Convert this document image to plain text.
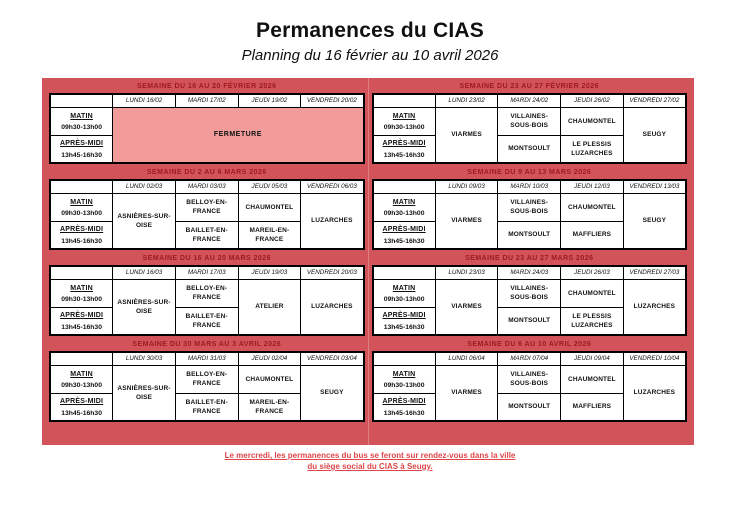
Permanences du CIAS
Planning du 16 février au 10 avril 2026
SEMAINE DU 16 AU 20 FÉVRIER 2026
	LUNDI 16/02	MARDI 17/02	JEUDI 19/02	VENDREDI 20/02
MATIN
09h30-13h00	FERMETURE			
APRÈS-MIDI
13h45-16h30				
SEMAINE DU 2 AU 6 MARS 2026
	LUNDI 02/03	MARDI 03/03	JEUDI 05/03	VENDREDI 06/03
MATIN
09h30-13h00	ASNIÈRES-SUR-OISE	BELLOY-EN-FRANCE	CHAUMONTEL	LUZARCHES
APRÈS-MIDI
13h45-16h30		BAILLET-EN-FRANCE	MAREIL-EN-FRANCE	
SEMAINE DU 16 AU 20 MARS 2026
	LUNDI 16/03	MARDI 17/03	JEUDI 19/03	VENDREDI 20/03
MATIN
09h30-13h00	ASNIÈRES-SUR-OISE	BELLOY-EN-FRANCE	ATELIER	LUZARCHES
APRÈS-MIDI
13h45-16h30		BAILLET-EN-FRANCE		
SEMAINE DU 30 MARS AU 3 AVRIL 2026
	LUNDI 30/03	MARDI 31/03	JEUDI 02/04	VENDREDI 03/04
MATIN
09h30-13h00	ASNIÈRES-SUR-OISE	BELLOY-EN-FRANCE	CHAUMONTEL	SEUGY
APRÈS-MIDI
13h45-16h30		BAILLET-EN-FRANCE	MAREIL-EN-FRANCE	
SEMAINE DU 23 AU 27 FÉVRIER 2026
	LUNDI 23/02	MARDI 24/02	JEUDI 26/02	VENDREDI 27/02
MATIN
09h30-13h00	VIARMES	VILLAINES-SOUS-BOIS	CHAUMONTEL	SEUGY
APRÈS-MIDI
13h45-16h30		MONTSOULT	LE PLESSIS LUZARCHES	
SEMAINE DU 9 AU 13 MARS 2026
	LUNDI 09/03	MARDI 10/03	JEUDI 12/03	VENDREDI 13/03
MATIN
09h30-13h00	VIARMES	VILLAINES-SOUS-BOIS	CHAUMONTEL	SEUGY
APRÈS-MIDI
13h45-16h30		MONTSOULT	MAFFLIERS	
SEMAINE DU 23 AU 27 MARS 2026
	LUNDI 23/03	MARDI 24/03	JEUDI 26/03	VENDREDI 27/03
MATIN
09h30-13h00	VIARMES	VILLAINES-SOUS-BOIS	CHAUMONTEL	LUZARCHES
APRÈS-MIDI
13h45-16h30		MONTSOULT	LE PLESSIS LUZARCHES	
SEMAINE DU 6 AU 10 AVRIL 2026
	LUNDI 06/04	MARDI 07/04	JEUDI 09/04	VENDREDI 10/04
MATIN
09h30-13h00	VIARMES	VILLAINES-SOUS-BOIS	CHAUMONTEL	LUZARCHES
APRÈS-MIDI
13h45-16h30		MONTSOULT	MAFFLIERS	
Le mercredi, les permanences du bus se feront sur rendez-vous dans la ville
du siège social du CIAS à Seugy.
